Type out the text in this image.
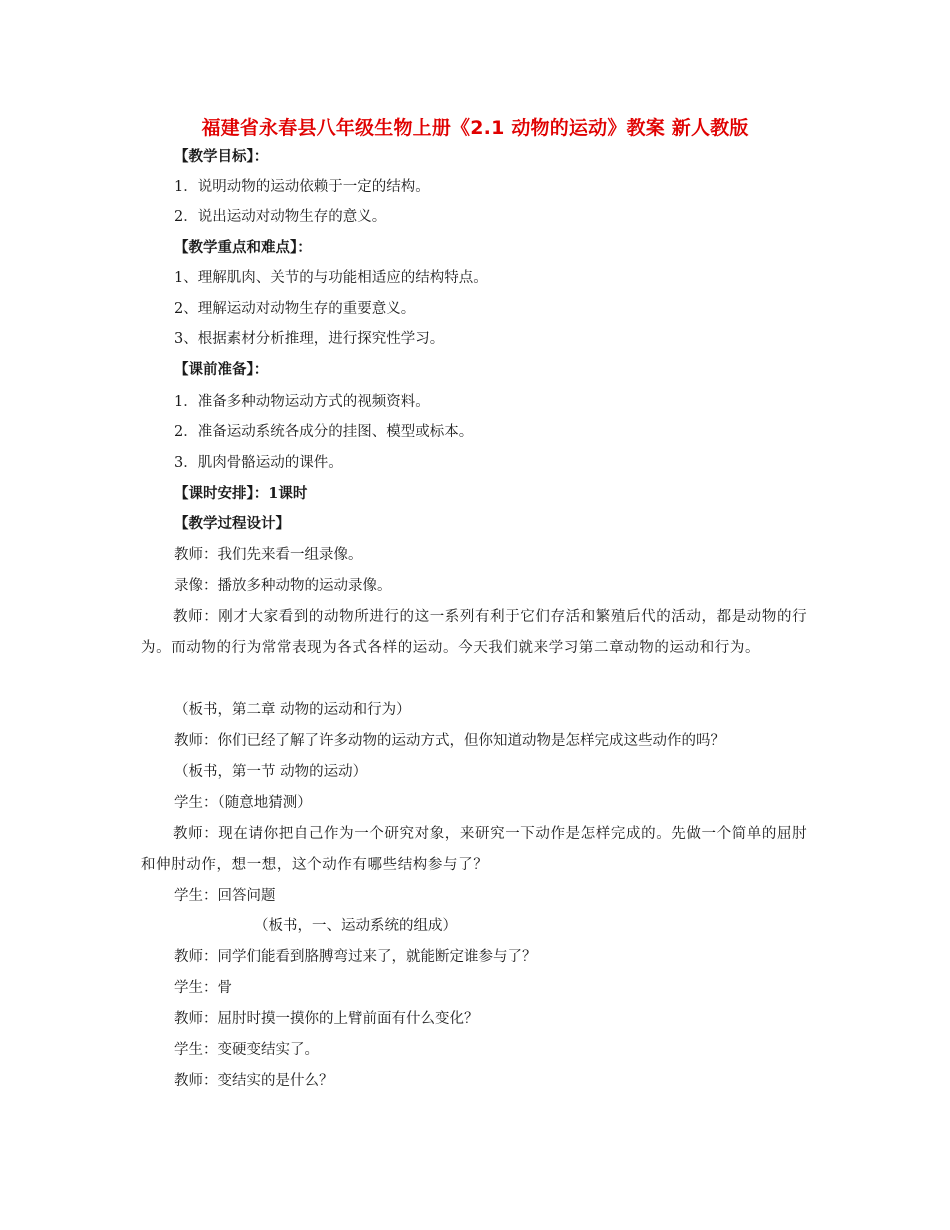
福建省永春县八年级生物上册《2.1 动物的运动》教案 新人教版
【教学目标】：
1．说明动物的运动依赖于一定的结构。
2．说出运动对动物生存的意义。
【教学重点和难点】：
1、理解肌肉、关节的与功能相适应的结构特点。
2、理解运动对动物生存的重要意义。
3、根据素材分析推理，进行探究性学习。
【课前准备】：
1．准备多种动物运动方式的视频资料。
2．准备运动系统各成分的挂图、模型或标本。
3．肌肉骨骼运动的课件。
【课时安排】：1课时
【教学过程设计】
教师：我们先来看一组录像。
录像：播放多种动物的运动录像。

教师：刚才大家看到的动物所进行的这一系列有利于它们存活和繁殖后代的活动，都是动物的行为。而动物的行为常常表现为各式各样的运动。今天我们就来学习第二章动物的运动和行为。

（板书，第二章 动物的运动和行为）
教师：你们已经了解了许多动物的运动方式，但你知道动物是怎样完成这些动作的吗？
（板书，第一节 动物的运动）
学生：（随意地猜测）

教师：现在请你把自己作为一个研究对象，来研究一下动作是怎样完成的。先做一个简单的屈肘和伸肘动作，想一想，这个动作有哪些结构参与了？

学生：回答问题
（板书，一、运动系统的组成）
教师：同学们能看到胳膊弯过来了，就能断定谁参与了？
学生：骨
教师：屈肘时摸一摸你的上臂前面有什么变化？
学生：变硬变结实了。
教师：变结实的是什么？
